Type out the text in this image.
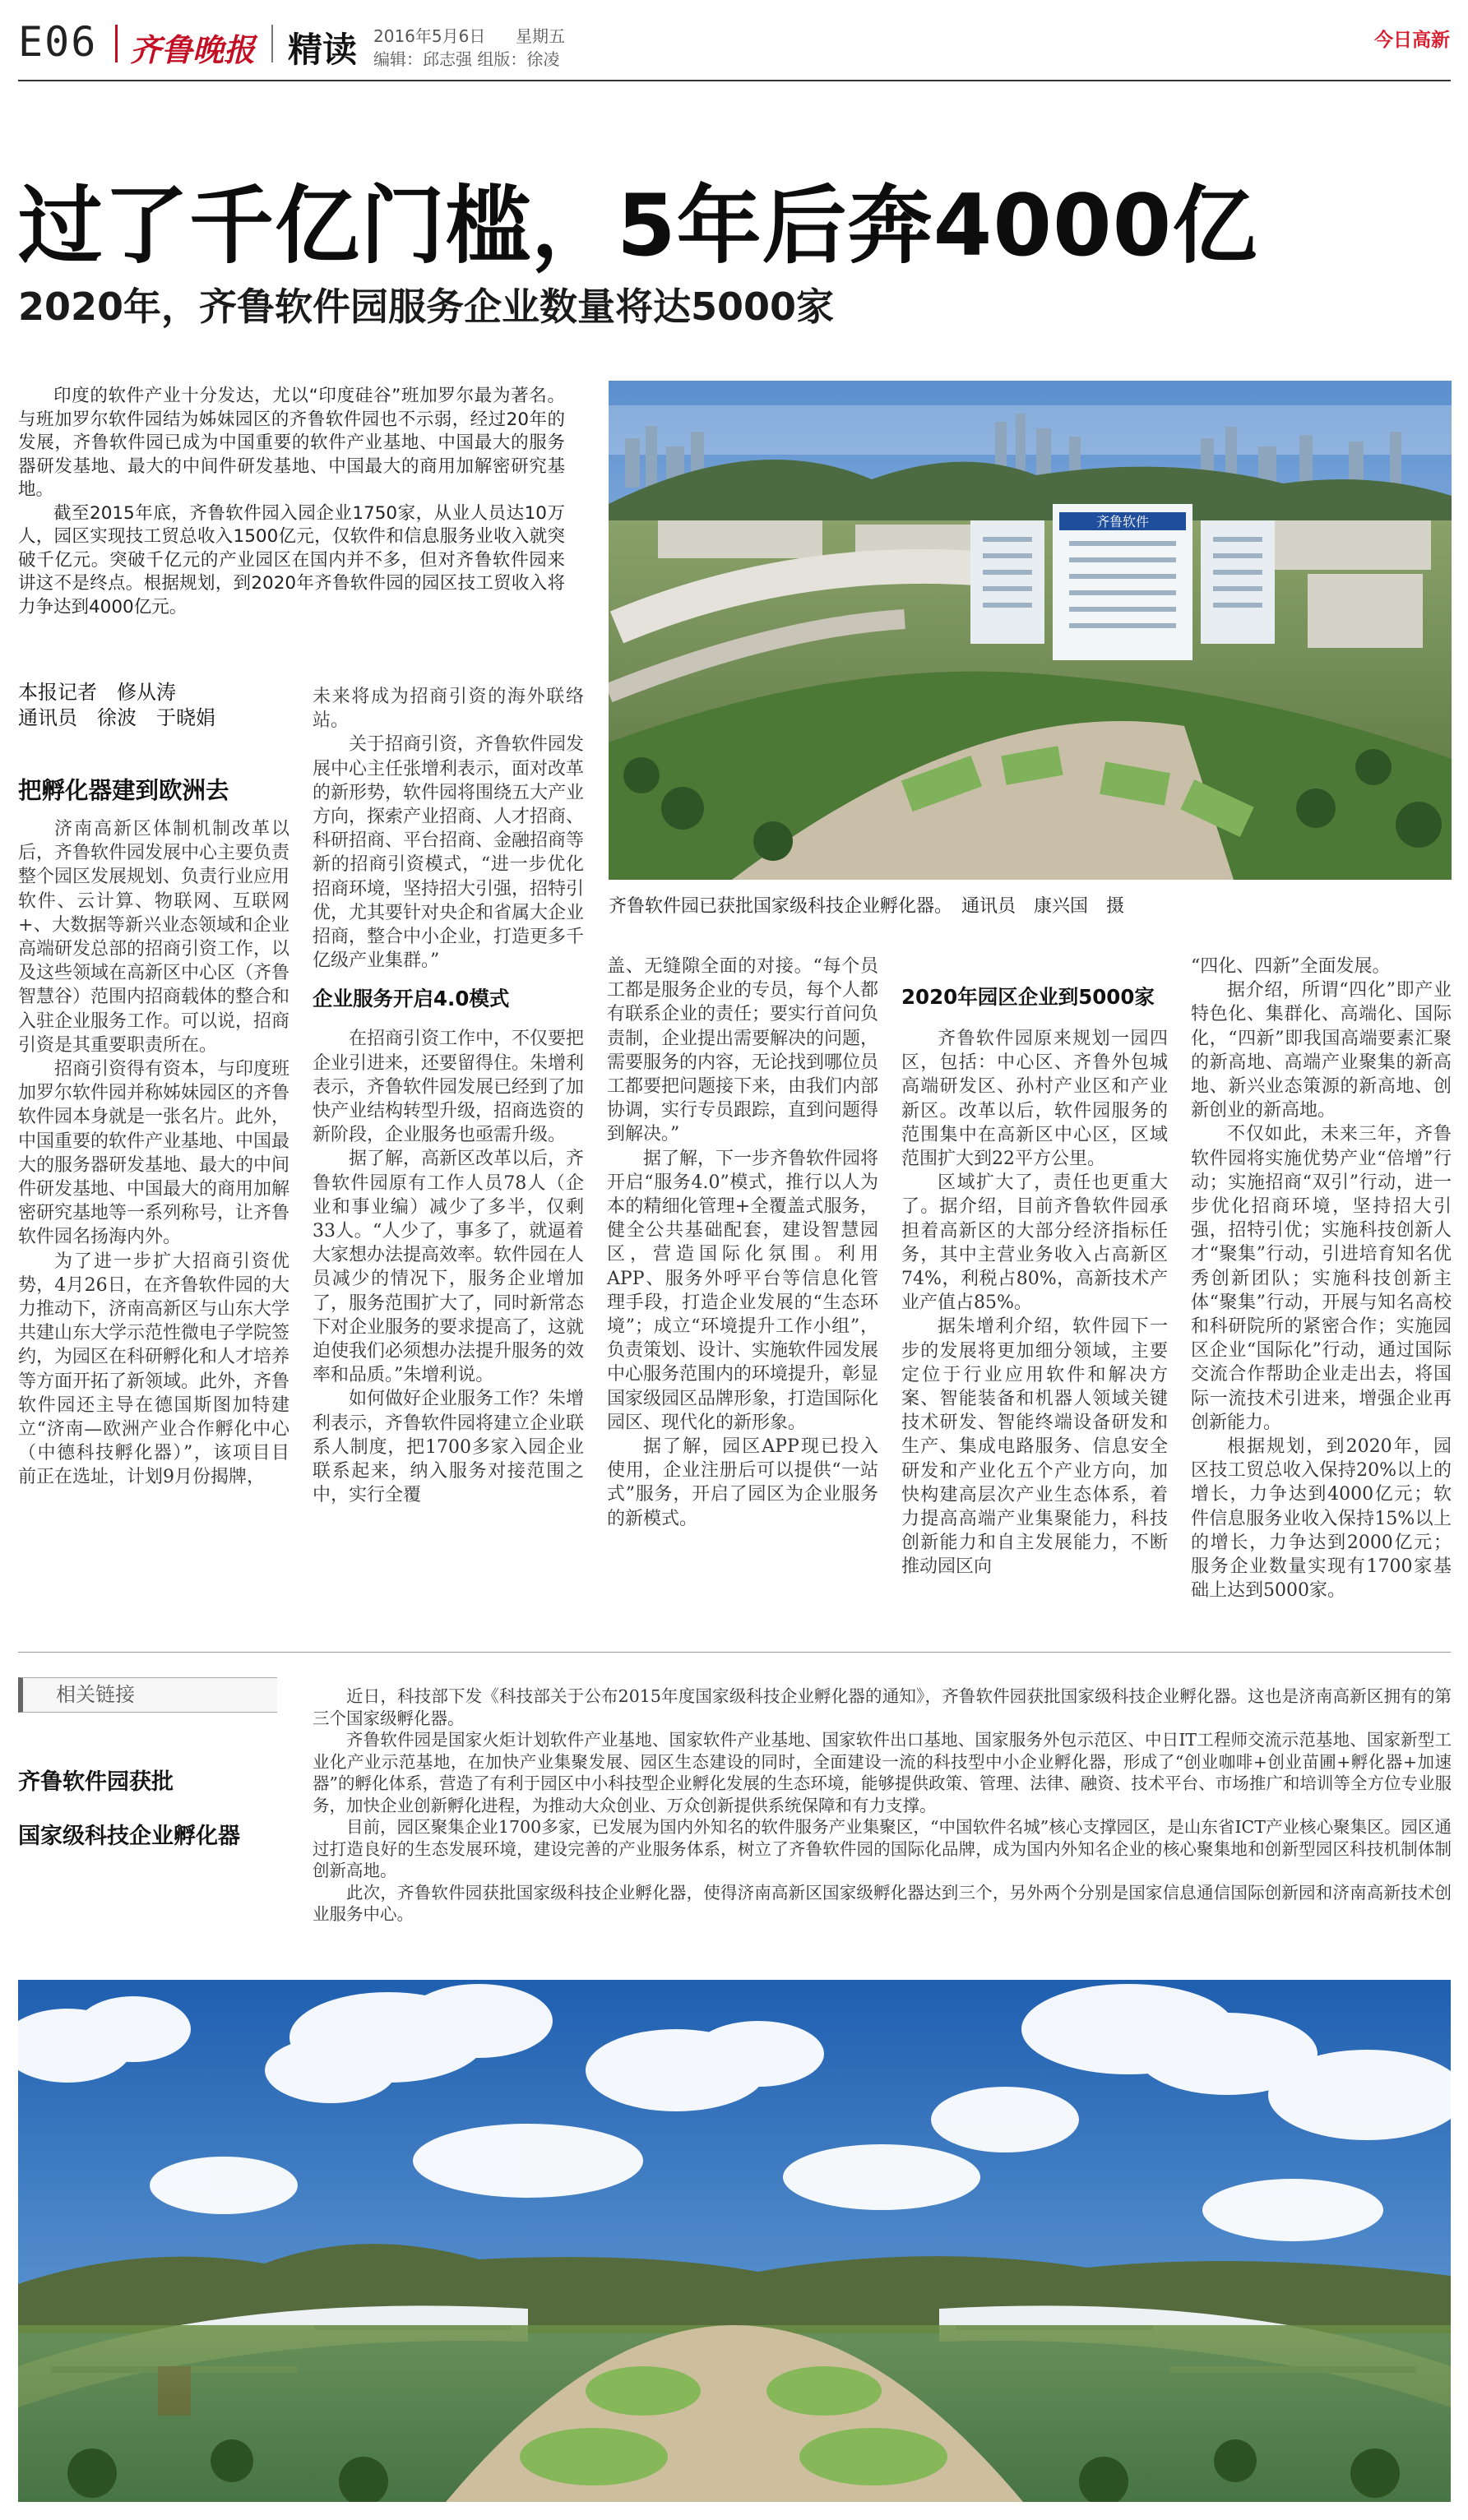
E06 齐鲁晚报 精读 2016年5月6日 星期五
编辑：邱志强 组版：徐凌
今日高新
过了千亿门槛，5年后奔4000亿
2020年，齐鲁软件园服务企业数量将达5000家

印度的软件产业十分发达，尤以“印度硅谷”班加罗尔最为著名。与班加罗尔软件园结为姊妹园区的齐鲁软件园也不示弱，经过20年的发展，齐鲁软件园已成为中国重要的软件产业基地、中国最大的服务器研发基地、最大的中间件研发基地、中国最大的商用加解密研究基地。

截至2015年底，齐鲁软件园入园企业1750家，从业人员达10万人，园区实现技工贸总收入1500亿元，仅软件和信息服务业收入就突破千亿元。突破千亿元的产业园区在国内并不多，但对齐鲁软件园来讲这不是终点。根据规划，到2020年齐鲁软件园的园区技工贸收入将力争达到4000亿元。

齐鲁软件
齐鲁软件园已获批国家级科技企业孵化器。　通讯员　康兴国　摄
本报记者　修从涛
通讯员　徐波　于晓娟
把孵化器建到欧洲去

济南高新区体制机制改革以后，齐鲁软件园发展中心主要负责整个园区发展规划、负责行业应用软件、云计算、物联网、互联网+、大数据等新兴业态领域和企业高端研发总部的招商引资工作，以及这些领域在高新区中心区（齐鲁智慧谷）范围内招商载体的整合和入驻企业服务工作。可以说，招商引资是其重要职责所在。

招商引资得有资本，与印度班加罗尔软件园并称姊妹园区的齐鲁软件园本身就是一张名片。此外，中国重要的软件产业基地、中国最大的服务器研发基地、最大的中间件研发基地、中国最大的商用加解密研究基地等一系列称号，让齐鲁软件园名扬海内外。

为了进一步扩大招商引资优势，4月26日，在齐鲁软件园的大力推动下，济南高新区与山东大学共建山东大学示范性微电子学院签约，为园区在科研孵化和人才培养等方面开拓了新领域。此外，齐鲁软件园还主导在德国斯图加特建立“济南—欧洲产业合作孵化中心（中德科技孵化器）”，该项目目前正在选址，计划9月份揭牌，

未来将成为招商引资的海外联络站。

关于招商引资，齐鲁软件园发展中心主任张增利表示，面对改革的新形势，软件园将围绕五大产业方向，探索产业招商、人才招商、科研招商、平台招商、金融招商等新的招商引资模式，“进一步优化招商环境，坚持招大引强，招特引优，尤其要针对央企和省属大企业招商，整合中小企业，打造更多千亿级产业集群。”

企业服务开启4.0模式

在招商引资工作中，不仅要把企业引进来，还要留得住。朱增利表示，齐鲁软件园发展已经到了加快产业结构转型升级，招商选资的新阶段，企业服务也亟需升级。

据了解，高新区改革以后，齐鲁软件园原有工作人员78人（企业和事业编）减少了多半，仅剩33人。“人少了，事多了，就逼着大家想办法提高效率。软件园在人员减少的情况下，服务企业增加了，服务范围扩大了，同时新常态下对企业服务的要求提高了，这就迫使我们必须想办法提升服务的效率和品质。”朱增利说。

如何做好企业服务工作？朱增利表示，齐鲁软件园将建立企业联系人制度，把1700多家入园企业联系起来，纳入服务对接范围之中，实行全覆

盖、无缝隙全面的对接。“每个员工都是服务企业的专员，每个人都有联系企业的责任；要实行首问负责制，企业提出需要解决的问题，需要服务的内容，无论找到哪位员工都要把问题接下来，由我们内部协调，实行专员跟踪，直到问题得到解决。”

据了解，下一步齐鲁软件园将开启“服务4.0”模式，推行以人为本的精细化管理+全覆盖式服务，健全公共基础配套，建设智慧园区，营造国际化氛围。利用APP、服务外呼平台等信息化管理手段，打造企业发展的“生态环境”；成立“环境提升工作小组”，负责策划、设计、实施软件园发展中心服务范围内的环境提升，彰显国家级园区品牌形象，打造国际化园区、现代化的新形象。

据了解，园区APP现已投入使用，企业注册后可以提供“一站式”服务，开启了园区为企业服务的新模式。

2020年园区企业到5000家

齐鲁软件园原来规划一园四区，包括：中心区、齐鲁外包城高端研发区、孙村产业区和产业新区。改革以后，软件园服务的范围集中在高新区中心区，区域范围扩大到22平方公里。

区域扩大了，责任也更重大了。据介绍，目前齐鲁软件园承担着高新区的大部分经济指标任务，其中主营业务收入占高新区74%，利税占80%，高新技术产业产值占85%。

据朱增利介绍，软件园下一步的发展将更加细分领域，主要定位于行业应用软件和解决方案、智能装备和机器人领域关键技术研发、智能终端设备研发和生产、集成电路服务、信息安全研发和产业化五个产业方向，加快构建高层次产业生态体系，着力提高高端产业集聚能力，科技创新能力和自主发展能力，不断推动园区向

“四化、四新”全面发展。

据介绍，所谓“四化”即产业特色化、集群化、高端化、国际化，“四新”即我国高端要素汇聚的新高地、高端产业聚集的新高地、新兴业态策源的新高地、创新创业的新高地。

不仅如此，未来三年，齐鲁软件园将实施优势产业“倍增”行动；实施招商“双引”行动，进一步优化招商环境，坚持招大引强，招特引优；实施科技创新人才“聚集”行动，引进培育知名优秀创新团队；实施科技创新主体“聚集”行动，开展与知名高校和科研院所的紧密合作；实施园区企业“国际化”行动，通过国际交流合作帮助企业走出去，将国际一流技术引进来，增强企业再创新能力。

根据规划，到2020年，园区技工贸总收入保持20%以上的增长，力争达到4000亿元；软件信息服务业收入保持15%以上的增长，力争达到2000亿元；服务企业数量实现有1700家基础上达到5000家。

相关链接
齐鲁软件园获批
国家级科技企业孵化器

近日，科技部下发《科技部关于公布2015年度国家级科技企业孵化器的通知》，齐鲁软件园获批国家级科技企业孵化器。这也是济南高新区拥有的第三个国家级孵化器。

齐鲁软件园是国家火炬计划软件产业基地、国家软件产业基地、国家软件出口基地、国家服务外包示范区、中日IT工程师交流示范基地、国家新型工业化产业示范基地，在加快产业集聚发展、园区生态建设的同时，全面建设一流的科技型中小企业孵化器，形成了“创业咖啡+创业苗圃+孵化器+加速器”的孵化体系，营造了有利于园区中小科技型企业孵化发展的生态环境，能够提供政策、管理、法律、融资、技术平台、市场推广和培训等全方位专业服务，加快企业创新孵化进程，为推动大众创业、万众创新提供系统保障和有力支撑。

目前，园区聚集企业1700多家，已发展为国内外知名的软件服务产业集聚区，“中国软件名城”核心支撑园区，是山东省ICT产业核心聚集区。园区通过打造良好的生态发展环境，建设完善的产业服务体系，树立了齐鲁软件园的国际化品牌，成为国内外知名企业的核心聚集地和创新型园区科技机制体制创新高地。

此次，齐鲁软件园获批国家级科技企业孵化器，使得济南高新区国家级孵化器达到三个，另外两个分别是国家信息通信国际创新园和济南高新技术创业服务中心。
